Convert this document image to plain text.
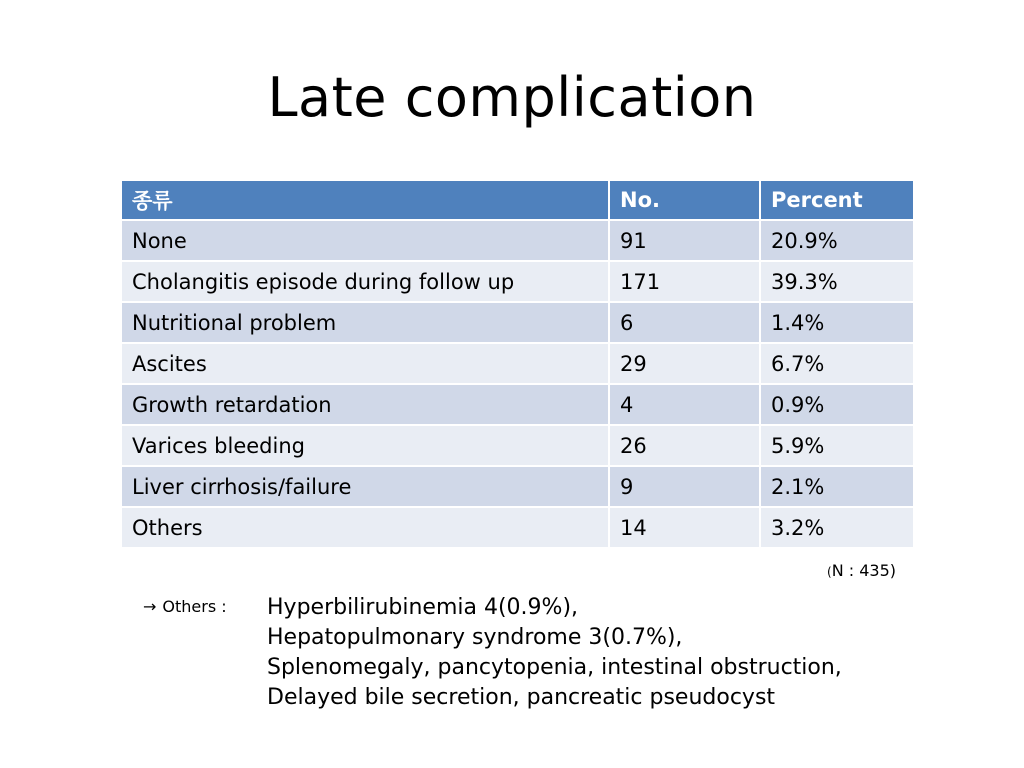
Late complication
종류	No.	Percent
None	91	20.9%
Cholangitis episode during follow up	171	39.3%
Nutritional problem	6	1.4%
Ascites	29	6.7%
Growth retardation	4	0.9%
Varices bleeding	26	5.9%
Liver cirrhosis/failure	9	2.1%
Others	14	3.2%
(N : 435)
→ Others : Hyperbilirubinemia 4(0.9%),
Hepatopulmonary syndrome 3(0.7%),
Splenomegaly, pancytopenia, intestinal obstruction,
Delayed bile secretion, pancreatic pseudocyst
